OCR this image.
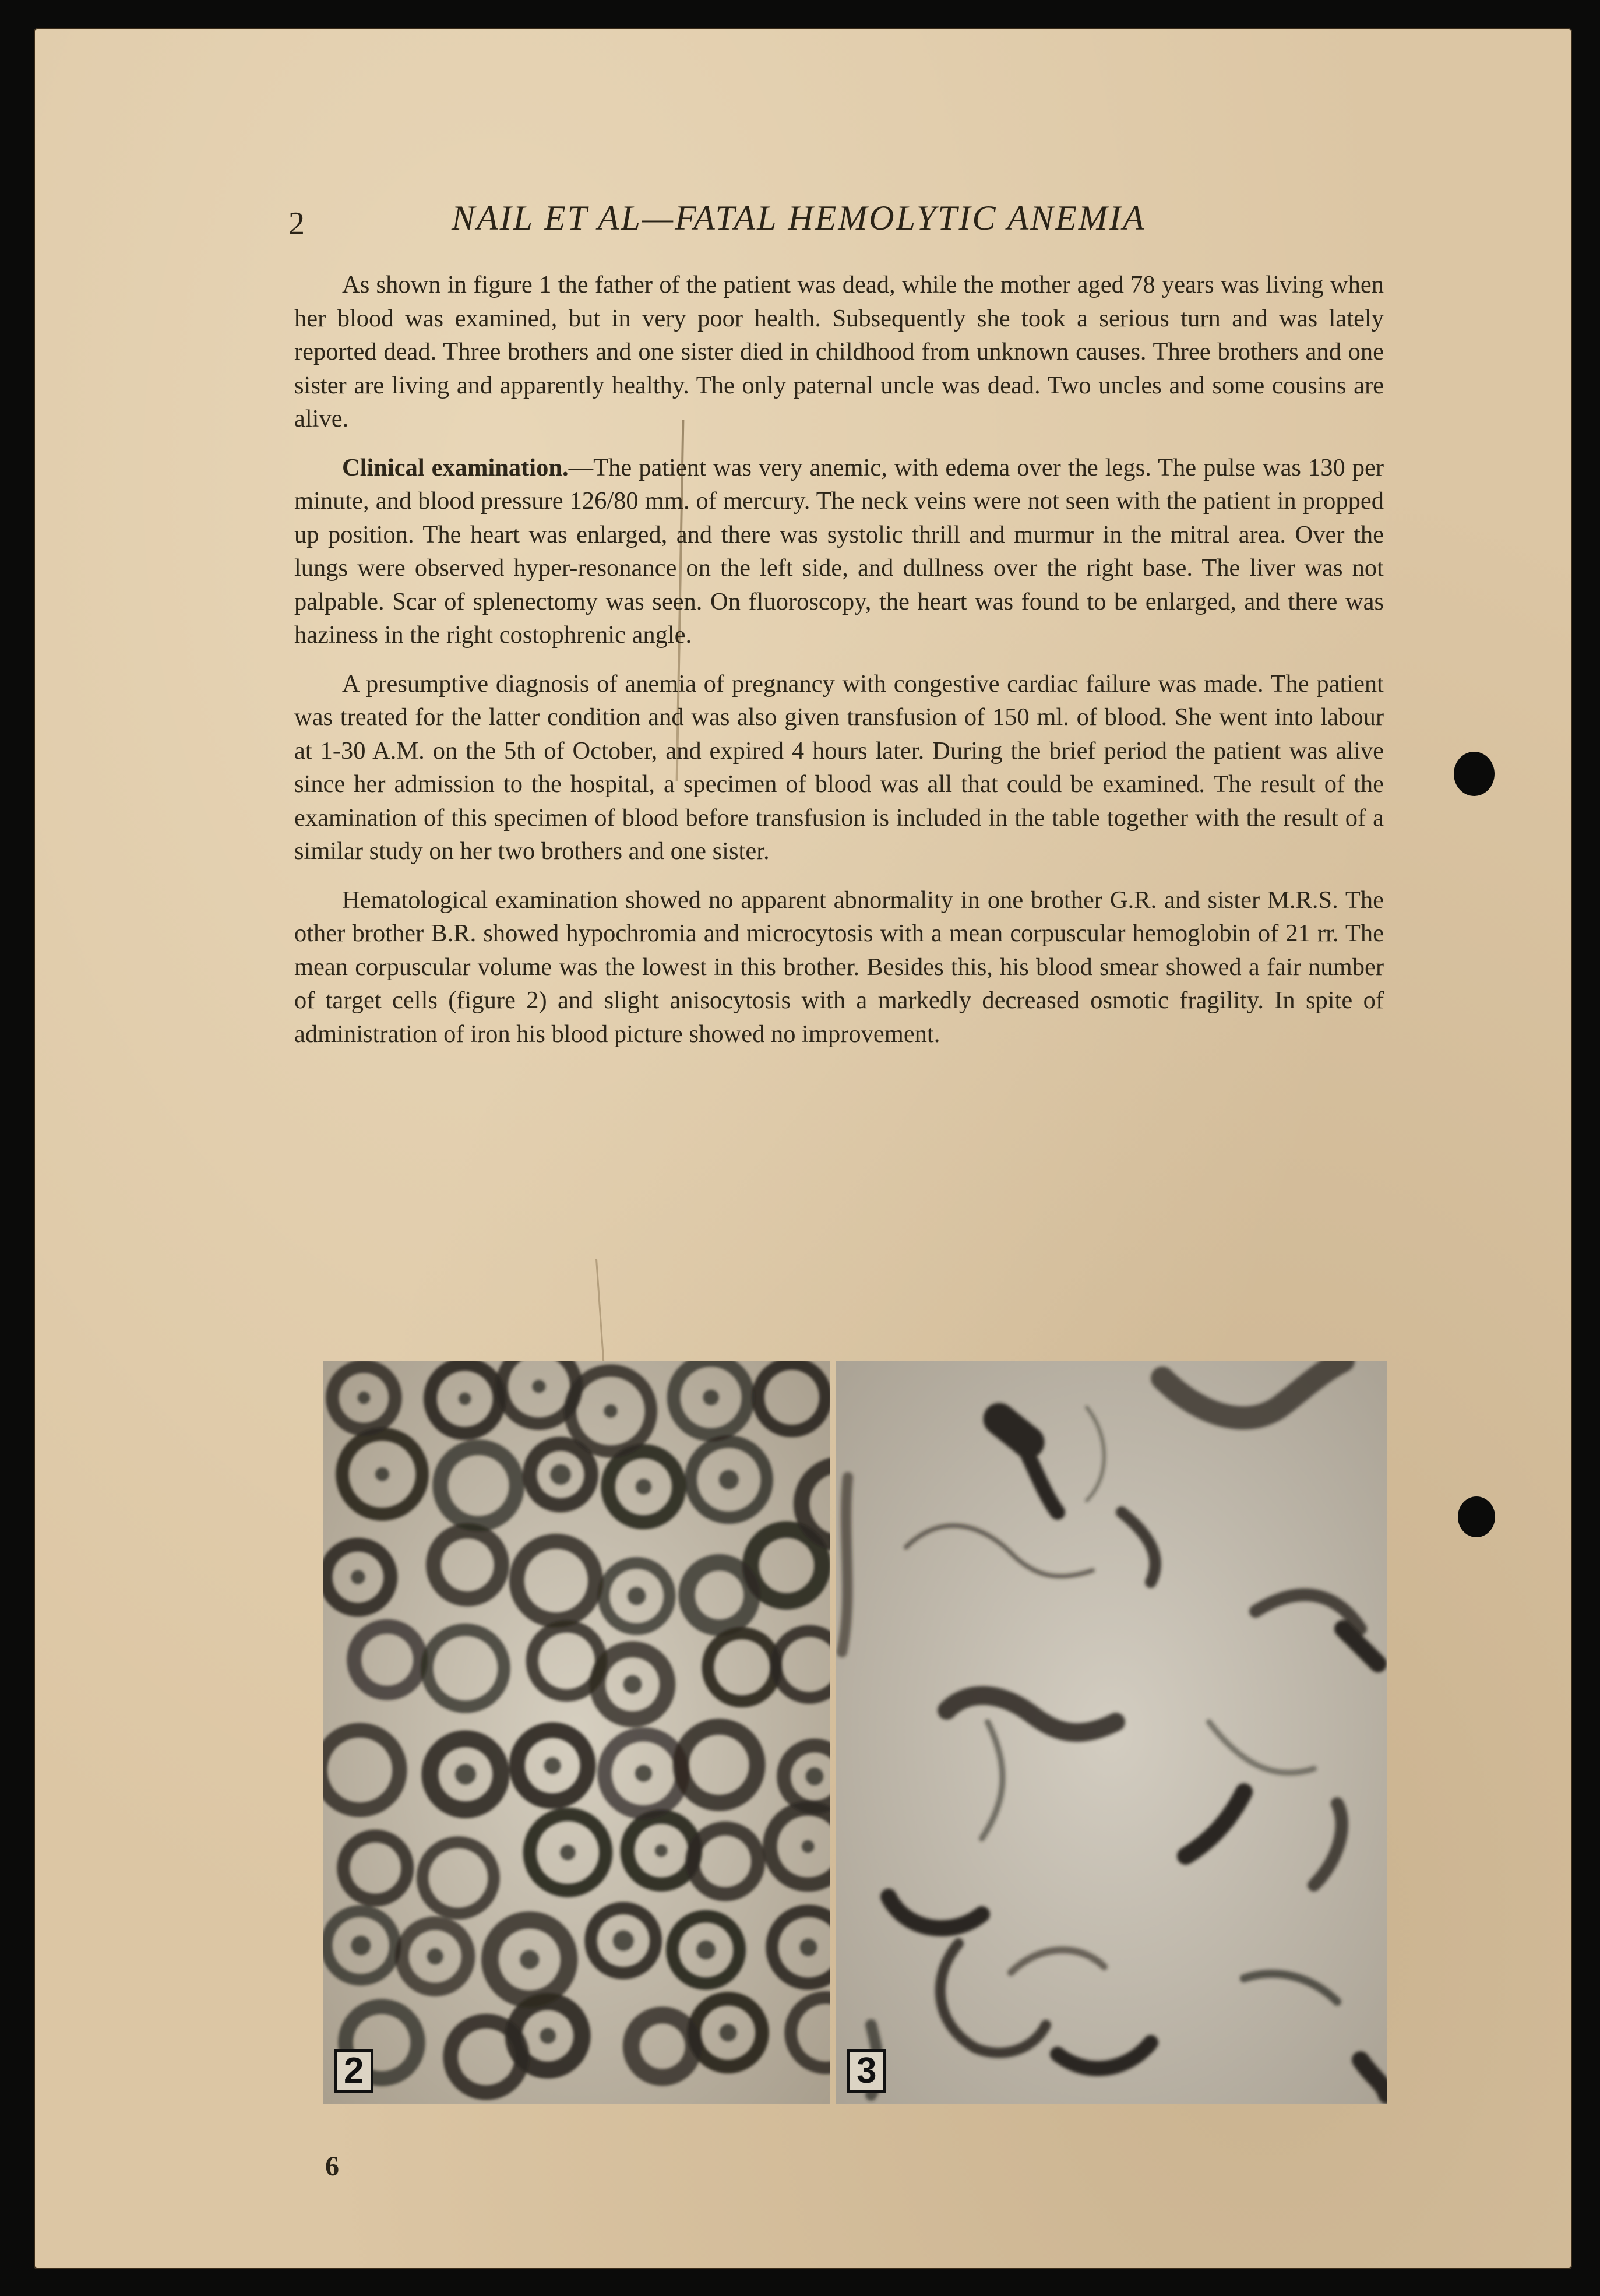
2	NAIL ET AL—FATAL HEMOLYTIC ANEMIA

As shown in figure 1 the father of the patient was dead, while the mother aged 78 years was living when her blood was examined, but in very poor health. Subsequently she took a serious turn and was lately reported dead. Three brothers and one sister died in childhood from unknown causes. Three brothers and one sister are living and apparently healthy. The only paternal uncle was dead. Two uncles and some cousins are alive.

Clinical examination.—The patient was very anemic, with edema over the legs. The pulse was 130 per minute, and blood pressure 126/80 mm. of mercury. The neck veins were not seen with the patient in propped up position. The heart was enlarged, and there was systolic thrill and murmur in the mitral area. Over the lungs were observed hyper-resonance on the left side, and dullness over the right base. The liver was not palpable. Scar of splenectomy was seen. On fluoroscopy, the heart was found to be enlarged, and there was haziness in the right costophrenic angle.

A presumptive diagnosis of anemia of pregnancy with congestive cardiac failure was made. The patient was treated for the latter condition and was also given transfusion of 150 ml. of blood. She went into labour at 1-30 A.M. on the 5th of October, and expired 4 hours later. During the brief period the patient was alive since her admission to the hospital, a specimen of blood was all that could be examined. The result of the examination of this specimen of blood before transfusion is included in the table together with the result of a similar study on her two brothers and one sister.

Hematological examination showed no apparent abnormality in one brother G.R. and sister M.R.S. The other brother B.R. showed hypochromia and microcytosis with a mean corpuscular hemoglobin of 21 rr. The mean corpuscular volume was the lowest in this brother. Besides this, his blood smear showed a fair number of target cells (figure 2) and slight anisocytosis with a markedly decreased osmotic fragility. In spite of administration of iron his blood picture showed no improvement.

2	3
6
